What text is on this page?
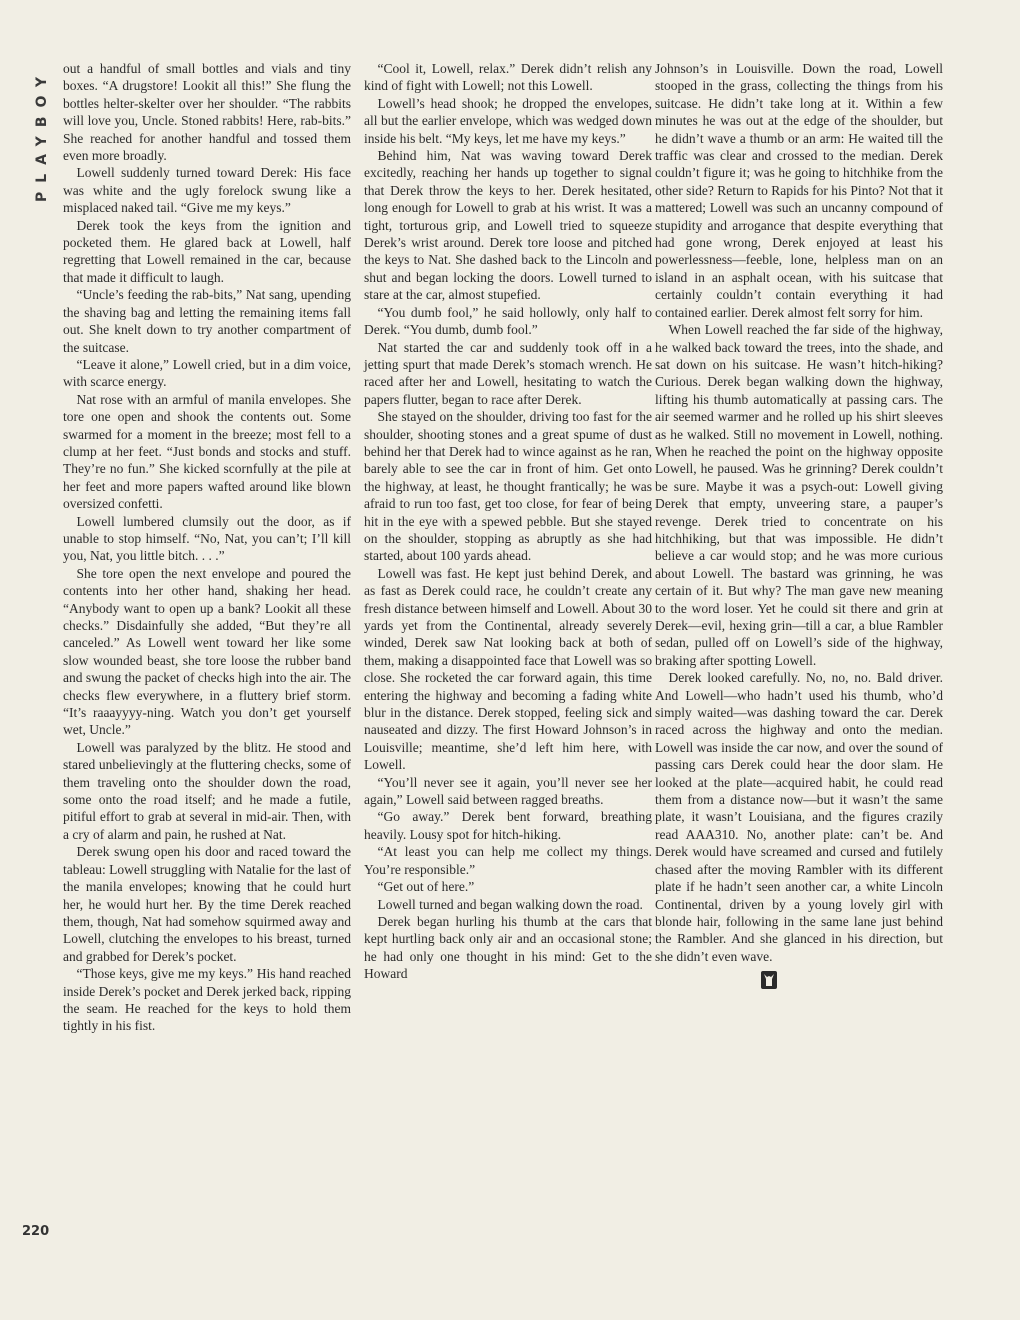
PLAYBOY out a handful of small bottles and vials and tiny boxes. “A drugstore! Lookit all this!” She flung the bottles helter-skelter over her shoulder. “The rabbits will love you, Uncle. Stoned rabbits! Here, rab-bits.” She reached for another handful and tossed them even more broadly.

Lowell suddenly turned toward Derek: His face was white and the ugly forelock swung like a misplaced naked tail. “Give me my keys.”

Derek took the keys from the ignition and pocketed them. He glared back at Lowell, half regretting that Lowell remained in the car, because that made it difficult to laugh.

“Uncle’s feeding the rab-bits,” Nat sang, upending the shaving bag and letting the remaining items fall out. She knelt down to try another compartment of the suitcase.

“Leave it alone,” Lowell cried, but in a dim voice, with scarce energy.

Nat rose with an armful of manila envelopes. She tore one open and shook the contents out. Some swarmed for a moment in the breeze; most fell to a clump at her feet. “Just bonds and stocks and stuff. They’re no fun.” She kicked scornfully at the pile at her feet and more papers wafted around like blown oversized confetti.

Lowell lumbered clumsily out the door, as if unable to stop himself. “No, Nat, you can’t; I’ll kill you, Nat, you little bitch. . . .”

She tore open the next envelope and poured the contents into her other hand, shaking her head. “Anybody want to open up a bank? Lookit all these checks.” Disdainfully she added, “But they’re all canceled.” As Lowell went toward her like some slow wounded beast, she tore loose the rubber band and swung the packet of checks high into the air. The checks flew everywhere, in a fluttery brief storm. “It’s raaayyyy-ning. Watch you don’t get yourself wet, Uncle.”

Lowell was paralyzed by the blitz. He stood and stared unbelievingly at the fluttering checks, some of them traveling onto the shoulder down the road, some onto the road itself; and he made a futile, pitiful effort to grab at several in mid-air. Then, with a cry of alarm and pain, he rushed at Nat.

Derek swung open his door and raced toward the tableau: Lowell struggling with Natalie for the last of the manila envelopes; knowing that he could hurt her, he would hurt her. By the time Derek reached them, though, Nat had somehow squirmed away and Lowell, clutching the envelopes to his breast, turned and grabbed for Derek’s pocket.

“Those keys, give me my keys.” His hand reached inside Derek’s pocket and Derek jerked back, ripping the seam. He reached for the keys to hold them tightly in his fist.

“Cool it, Lowell, relax.” Derek didn’t relish any kind of fight with Lowell; not this Lowell.

Lowell’s head shook; he dropped the envelopes, all but the earlier envelope, which was wedged down inside his belt. “My keys, let me have my keys.”

Behind him, Nat was waving toward Derek excitedly, reaching her hands up together to signal that Derek throw the keys to her. Derek hesitated, long enough for Lowell to grab at his wrist. It was a tight, torturous grip, and Lowell tried to squeeze Derek’s wrist around. Derek tore loose and pitched the keys to Nat. She dashed back to the Lincoln and shut and began locking the doors. Lowell turned to stare at the car, almost stupefied.

“You dumb fool,” he said hollowly, only half to Derek. “You dumb, dumb fool.”

Nat started the car and suddenly took off in a jetting spurt that made Derek’s stomach wrench. He raced after her and Lowell, hesitating to watch the papers flutter, began to race after Derek.

She stayed on the shoulder, driving too fast for the shoulder, shooting stones and a great spume of dust behind her that Derek had to wince against as he ran, barely able to see the car in front of him. Get onto the highway, at least, he thought frantically; he was afraid to run too fast, get too close, for fear of being hit in the eye with a spewed pebble. But she stayed on the shoulder, stopping as abruptly as she had started, about 100 yards ahead.

Lowell was fast. He kept just behind Derek, and as fast as Derek could race, he couldn’t create any fresh distance between himself and Lowell. About 30 yards yet from the Continental, already severely winded, Derek saw Nat looking back at both of them, making a disappointed face that Lowell was so close. She rocketed the car forward again, this time entering the highway and becoming a fading white blur in the distance. Derek stopped, feeling sick and nauseated and dizzy. The first Howard Johnson’s in Louisville; meantime, she’d left him here, with Lowell.

“You’ll never see it again, you’ll never see her again,” Lowell said between ragged breaths.

“Go away.” Derek bent forward, breathing heavily. Lousy spot for hitch-hiking.

“At least you can help me collect my things. You’re responsible.”

“Get out of here.”

Lowell turned and began walking down the road.

Derek began hurling his thumb at the cars that kept hurtling back only air and an occasional stone; he had only one thought in his mind: Get to the Howard

Johnson’s in Louisville. Down the road, Lowell stooped in the grass, collecting the things from his suitcase. He didn’t take long at it. Within a few minutes he was out at the edge of the shoulder, but he didn’t wave a thumb or an arm: He waited till the traffic was clear and crossed to the median. Derek couldn’t figure it; was he going to hitchhike from the other side? Return to Rapids for his Pinto? Not that it mattered; Lowell was such an uncanny compound of stupidity and arrogance that despite everything that had gone wrong, Derek enjoyed at least his powerlessness—feeble, lone, helpless man on an island in an asphalt ocean, with his suitcase that certainly couldn’t contain everything it had contained earlier. Derek almost felt sorry for him.

When Lowell reached the far side of the highway, he walked back toward the trees, into the shade, and sat down on his suitcase. He wasn’t hitch-hiking? Curious. Derek began walking down the highway, lifting his thumb automatically at passing cars. The air seemed warmer and he rolled up his shirt sleeves as he walked. Still no movement in Lowell, nothing. When he reached the point on the highway opposite Lowell, he paused. Was he grinning? Derek couldn’t be sure. Maybe it was a psych-out: Lowell giving Derek that empty, unveering stare, a pauper’s revenge. Derek tried to concentrate on his hitchhiking, but that was impossible. He didn’t believe a car would stop; and he was more curious about Lowell. The bastard was grinning, he was certain of it. But why? The man gave new meaning to the word loser. Yet he could sit there and grin at Derek—evil, hexing grin—till a car, a blue Rambler sedan, pulled off on Lowell’s side of the highway, braking after spotting Lowell.

Derek looked carefully. No, no, no. Bald driver. And Lowell—who hadn’t used his thumb, who’d simply waited—was dashing toward the car. Derek raced across the highway and onto the median. Lowell was inside the car now, and over the sound of passing cars Derek could hear the door slam. He looked at the plate—acquired habit, he could read them from a distance now—but it wasn’t the same plate, it wasn’t Louisiana, and the figures crazily read AAA310. No, another plate: can’t be. And Derek would have screamed and cursed and futilely chased after the moving Rambler with its different plate if he hadn’t seen another car, a white Lincoln Continental, driven by a young lovely girl with blonde hair, following in the same lane just behind the Rambler. And she glanced in his direction, but she didn’t even wave.

220
